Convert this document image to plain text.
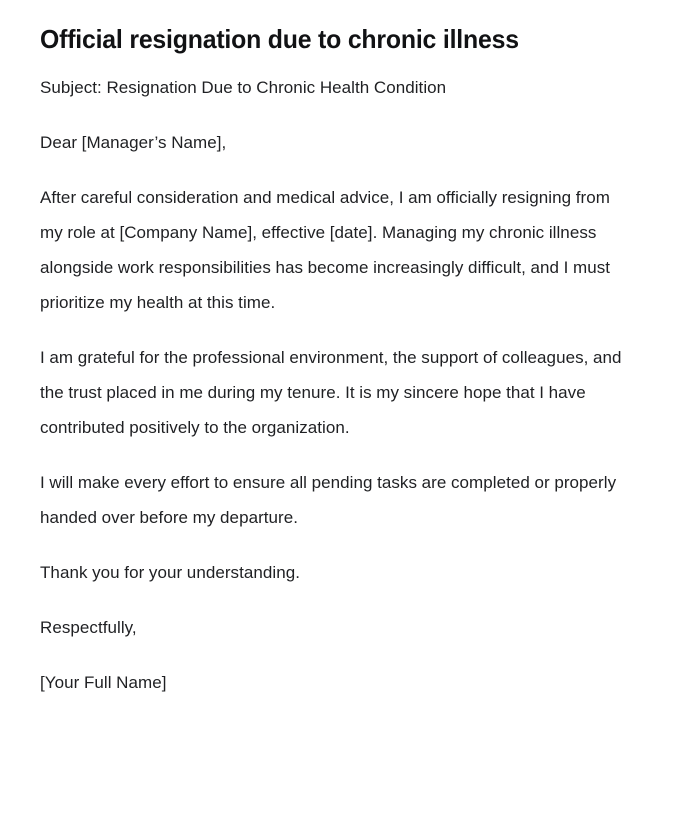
Official resignation due to chronic illness

Subject: Resignation Due to Chronic Health Condition

Dear [Manager’s Name],

After careful consideration and medical advice, I am officially resigning from my role at [Company Name], effective [date]. Managing my chronic illness alongside work responsibilities has become increasingly difficult, and I must prioritize my health at this time.

I am grateful for the professional environment, the support of colleagues, and the trust placed in me during my tenure. It is my sincere hope that I have contributed positively to the organization.

I will make every effort to ensure all pending tasks are completed or properly handed over before my departure.

Thank you for your understanding.

Respectfully,

[Your Full Name]
